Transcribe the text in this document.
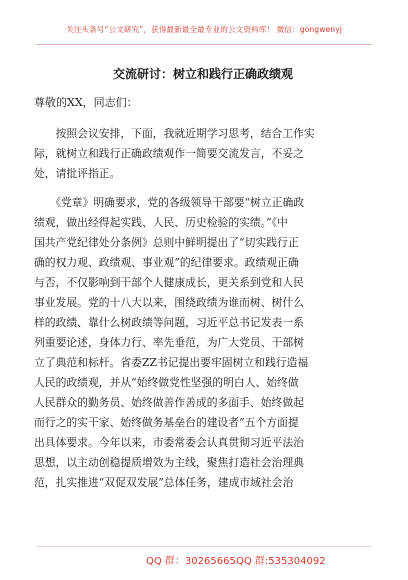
关注头条号“公文研究”，获得最新最全最专业的公文资料库！ 微信：gongwenyj
交流研讨：树立和践行正确政绩观
尊敬的XX，同志们：
　　按照会议安排，下面，我就近期学习思考，结合工作实
际，就树立和践行正确政绩观作一简要交流发言，不妥之
处，请批评指正。
　　《党章》明确要求，党的各级领导干部要“树立正确政
绩观，做出经得起实践、人民、历史检验的实绩。”《中
国共产党纪律处分条例》总则中鲜明提出了“切实践行正
确的权力观、政绩观、事业观”的纪律要求。政绩观正确
与否，不仅影响到干部个人健康成长，更关系到党和人民
事业发展。党的十八大以来，围绕政绩为谁而树、树什么
样的政绩、靠什么树政绩等问题，习近平总书记发表一系
列重要论述，身体力行、率先垂范，为广大党员、干部树
立了典范和标杆。省委ZZ书记提出要牢固树立和践行造福
人民的政绩观，并从“始终做党性坚强的明白人、始终做
人民群众的勤务员、始终做善作善成的多面手、始终做起
而行之的实干家、始终做务基垒台的建设者”五个方面提
出具体要求。今年以来，市委常委会认真贯彻习近平法治
思想，以主动创稳提质增效为主线，聚焦打造社会治理典
范，扎实推进“双促双发展”总体任务，建成市域社会治
QQ 群：30265665 QQ 群:535304092
